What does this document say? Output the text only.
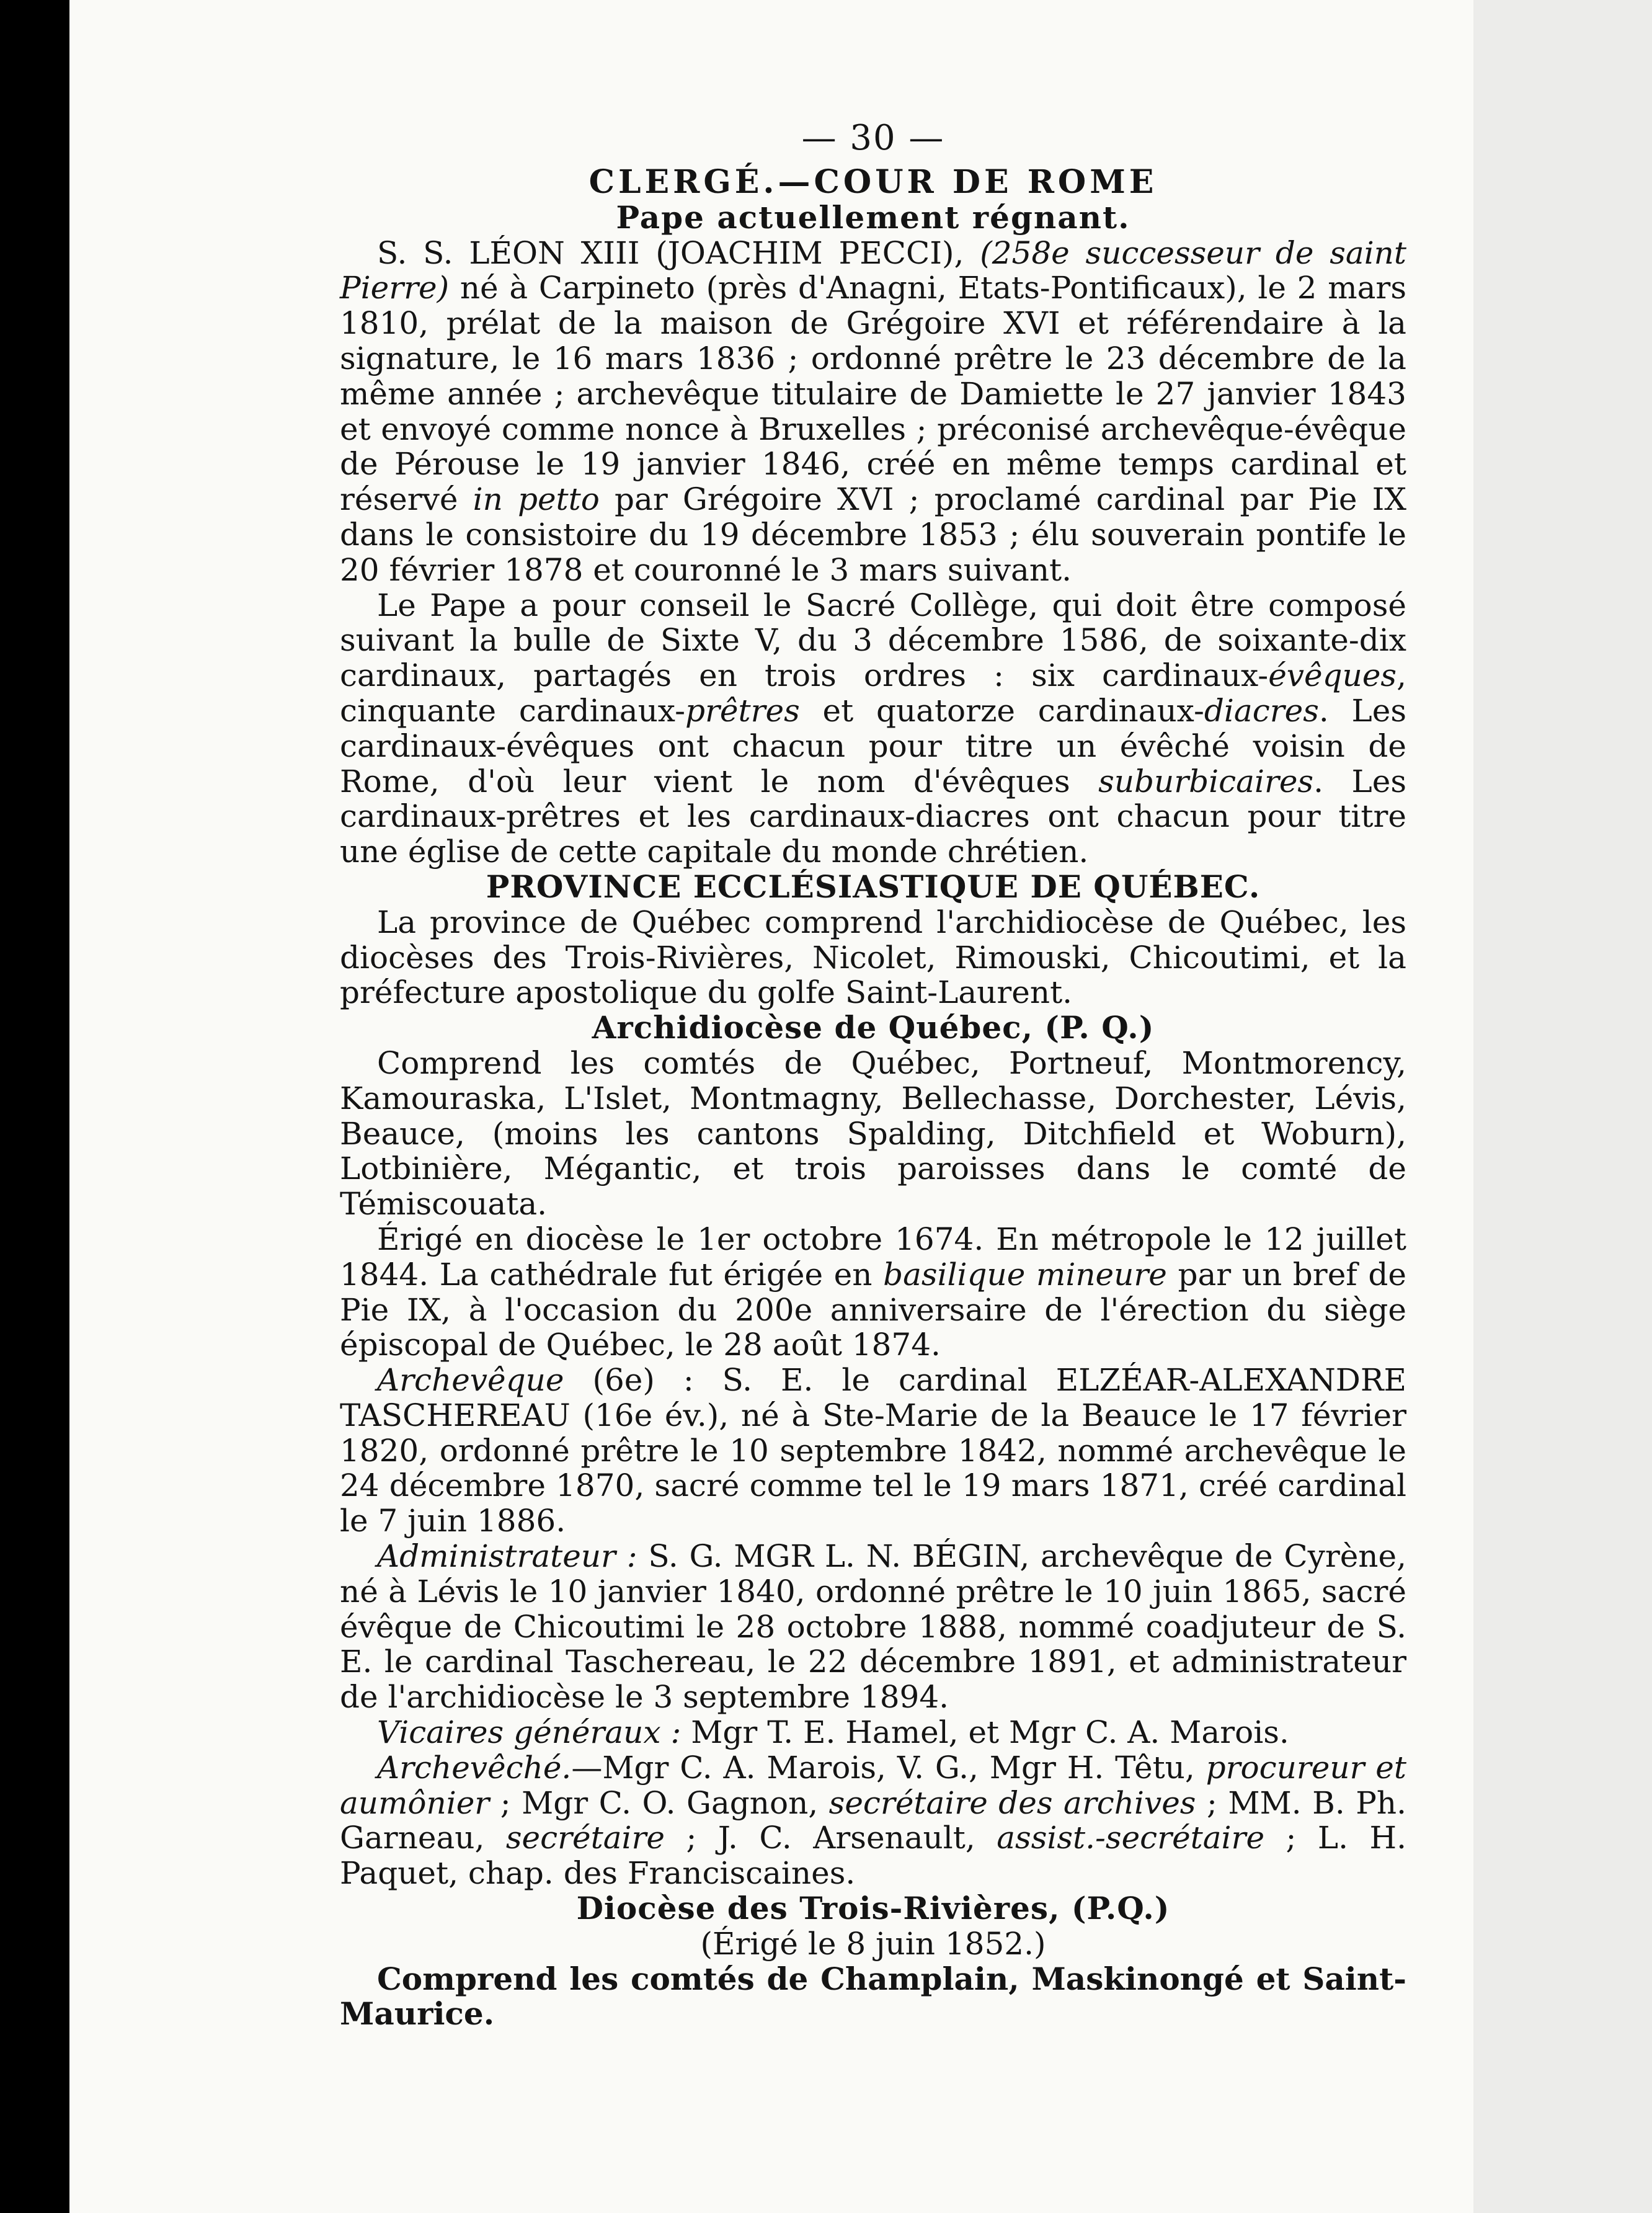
— 30 —
CLERGÉ.—COUR DE ROME
Pape actuellement régnant.

S. S. LÉON XIII (JOACHIM PECCI), (258e successeur de saint Pierre) né à Carpineto (près d'Anagni, Etats-Pontificaux), le 2 mars 1810, prélat de la maison de Grégoire XVI et référendaire à la signature, le 16 mars 1836 ; ordonné prêtre le 23 décembre de la même année ; archevêque titulaire de Damiette le 27 janvier 1843 et envoyé comme nonce à Bruxelles ; préconisé archevêque-évêque de Pérouse le 19 janvier 1846, créé en même temps cardinal et réservé in petto par Grégoire XVI ; proclamé cardinal par Pie IX dans le consistoire du 19 décembre 1853 ; élu souverain pontife le 20 février 1878 et couronné le 3 mars suivant.

Le Pape a pour conseil le Sacré Collège, qui doit être composé suivant la bulle de Sixte V, du 3 décembre 1586, de soixante-dix cardinaux, partagés en trois ordres : six cardinaux-évêques, cinquante cardinaux-prêtres et quatorze cardinaux-diacres. Les cardinaux-évêques ont chacun pour titre un évêché voisin de Rome, d'où leur vient le nom d'évêques suburbicaires. Les cardinaux-prêtres et les cardinaux-diacres ont chacun pour titre une église de cette capitale du monde chrétien.

PROVINCE ECCLÉSIASTIQUE DE QUÉBEC.

La province de Québec comprend l'archidiocèse de Québec, les diocèses des Trois-Rivières, Nicolet, Rimouski, Chicoutimi, et la préfecture apostolique du golfe Saint-Laurent.

Archidiocèse de Québec, (P. Q.)

Comprend les comtés de Québec, Portneuf, Montmorency, Kamouraska, L'Islet, Montmagny, Bellechasse, Dorchester, Lévis, Beauce, (moins les cantons Spalding, Ditchfield et Woburn), Lotbinière, Mégantic, et trois paroisses dans le comté de Témiscouata.

Érigé en diocèse le 1er octobre 1674. En métropole le 12 juillet 1844. La cathédrale fut érigée en basilique mineure par un bref de Pie IX, à l'occasion du 200e anniversaire de l'érection du siège épiscopal de Québec, le 28 août 1874.

Archevêque (6e) : S. E. le cardinal ELZÉAR-ALEXANDRE TASCHEREAU (16e év.), né à Ste-Marie de la Beauce le 17 février 1820, ordonné prêtre le 10 septembre 1842, nommé archevêque le 24 décembre 1870, sacré comme tel le 19 mars 1871, créé cardinal le 7 juin 1886.

Administrateur : S. G. MGR L. N. BÉGIN, archevêque de Cyrène, né à Lévis le 10 janvier 1840, ordonné prêtre le 10 juin 1865, sacré évêque de Chicoutimi le 28 octobre 1888, nommé coadjuteur de S. E. le cardinal Taschereau, le 22 décembre 1891, et administrateur de l'archidiocèse le 3 septembre 1894.

Vicaires généraux : Mgr T. E. Hamel, et Mgr C. A. Marois.

Archevêché.—Mgr C. A. Marois, V. G., Mgr H. Têtu, procureur et aumônier ; Mgr C. O. Gagnon, secrétaire des archives ; MM. B. Ph. Garneau, secrétaire ; J. C. Arsenault, assist.-secrétaire ; L. H. Paquet, chap. des Franciscaines.

Diocèse des Trois-Rivières, (P.Q.)

(Érigé le 8 juin 1852.)

Comprend les comtés de Champlain, Maskinongé et Saint-Maurice.
